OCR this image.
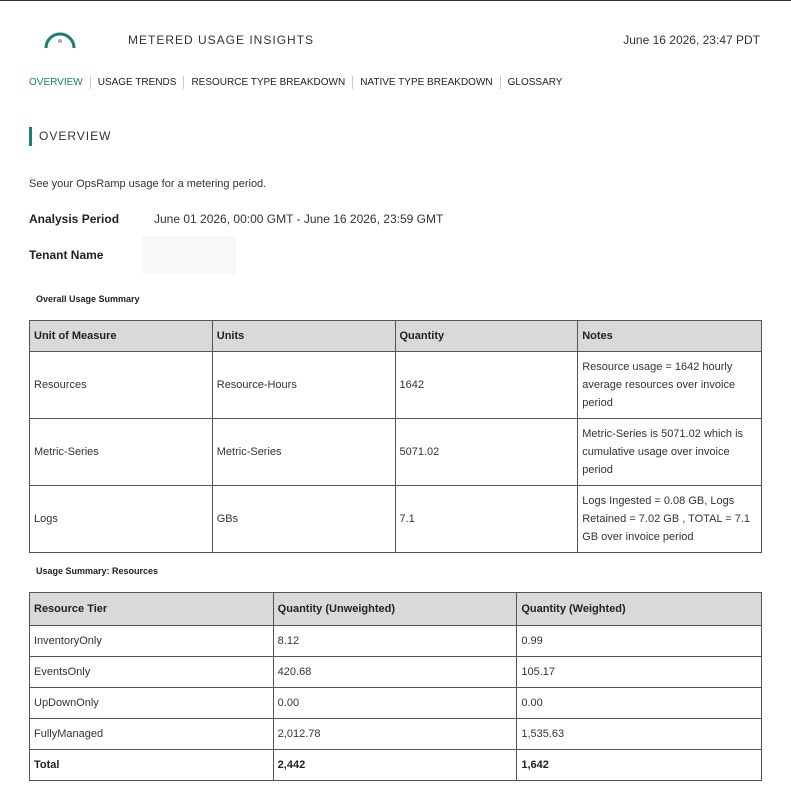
METERED USAGE INSIGHTS	June 16 2026, 23:47 PDT
OVERVIEW USAGE TRENDS RESOURCE TYPE BREAKDOWN NATIVE TYPE BREAKDOWN GLOSSARY
OVERVIEW
See your OpsRamp usage for a metering period.
Analysis Period	June 01 2026, 00:00 GMT - June 16 2026, 23:59 GMT
Tenant Name
Overall Usage Summary
Unit of Measure	Units	Quantity	Notes
Resources	Resource-Hours	1642	Resource usage = 1642 hourly average resources over invoice period
Metric-Series	Metric-Series	5071.02	Metric-Series is 5071.02 which is cumulative usage over invoice period
Logs	GBs	7.1	Logs Ingested = 0.08 GB, Logs Retained = 7.02 GB , TOTAL = 7.1 GB over invoice period
Usage Summary: Resources
Resource Tier	Quantity (Unweighted)	Quantity (Weighted)
InventoryOnly	8.12	0.99
EventsOnly	420.68	105.17
UpDownOnly	0.00	0.00
FullyManaged	2,012.78	1,535.63
Total	2,442	1,642
